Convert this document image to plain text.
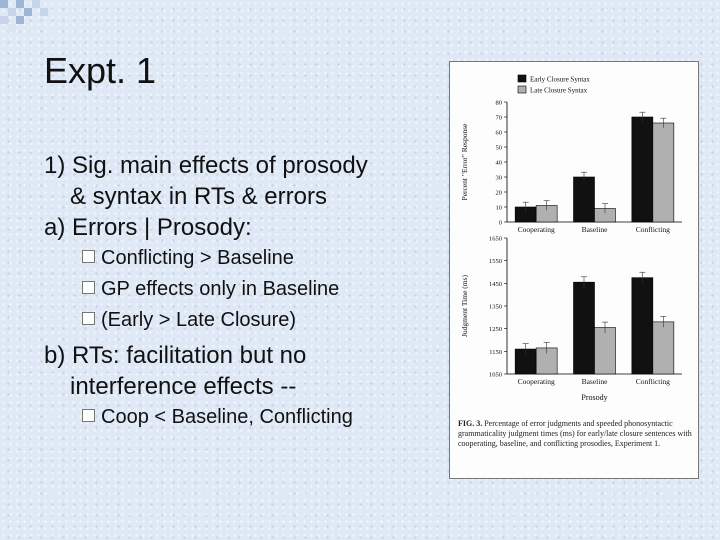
Expt. 1
1) Sig. main effects of prosody
& syntax in RTs & errors
a) Errors | Prosody:
Conflicting > Baseline
GP effects only in Baseline
(Early > Late Closure)
b) RTs: facilitation but no
interference effects --
Coop < Baseline, Conflicting
Early Closure Syntax
Late Closure Syntax
0
10
20
30
40
50
60
70
80
Percent "Error" Response
Cooperating	Baseline	Conflicting
1050
1150
1250
1350
1450
1550
1650
Judgment Time (ms)
Cooperating	Baseline	Conflicting
Prosody
FIG. 3. Percentage of error judgments and speeded phonosyntactic grammaticality judgment times (ms) for early/late closure sentences with cooperating, baseline, and conflicting prosodies, Experiment 1.
